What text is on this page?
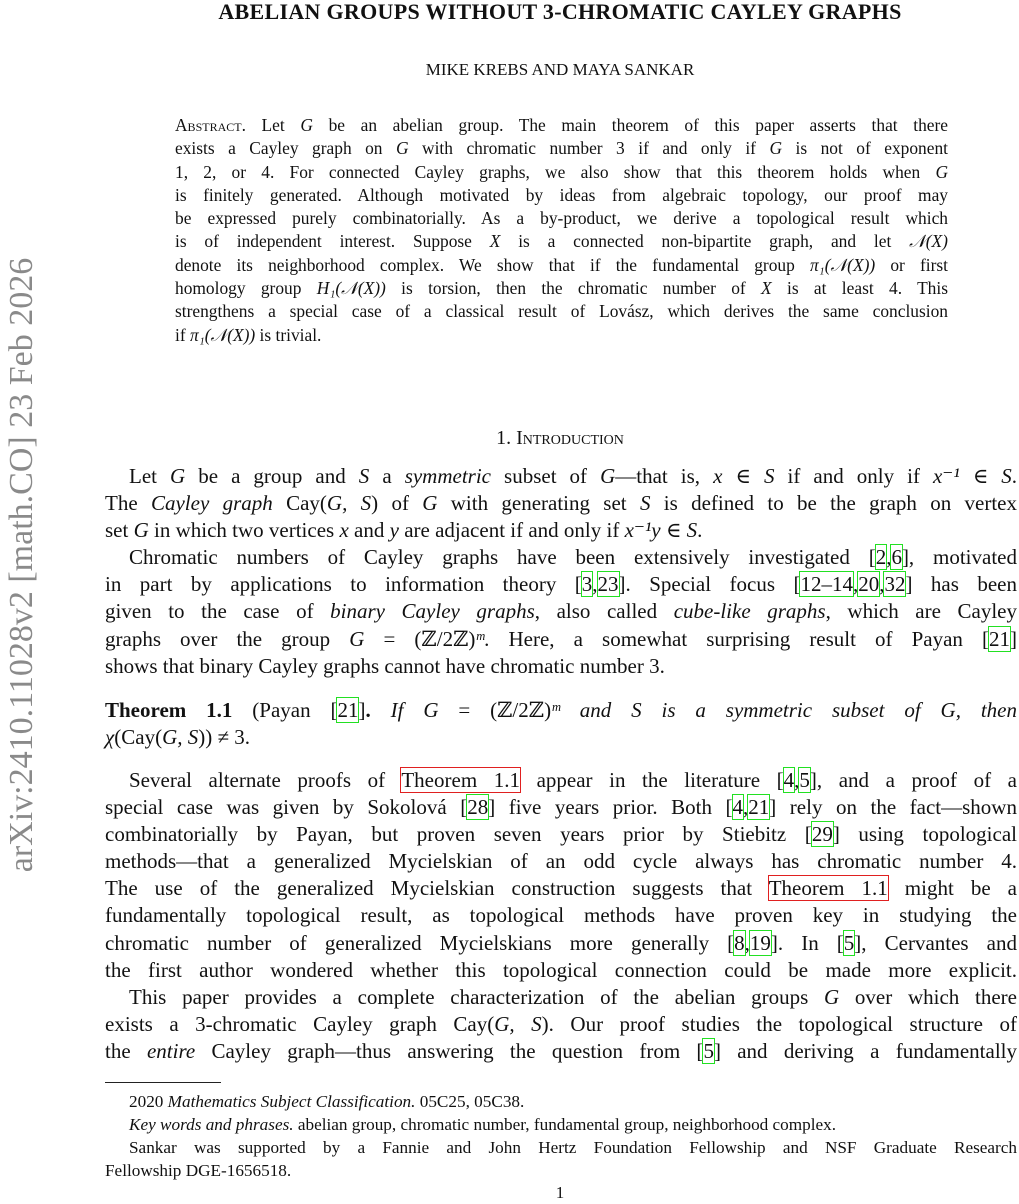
arXiv:2410.11028v2 [math.CO] 23 Feb 2026
ABELIAN GROUPS WITHOUT 3-CHROMATIC CAYLEY GRAPHS
MIKE KREBS AND MAYA SANKAR
Abstract. Let G be an abelian group. The main theorem of this paper asserts that there
exists a Cayley graph on G with chromatic number 3 if and only if G is not of exponent
1, 2, or 4. For connected Cayley graphs, we also show that this theorem holds when G
is finitely generated. Although motivated by ideas from algebraic topology, our proof may
be expressed purely combinatorially. As a by-product, we derive a topological result which
is of independent interest. Suppose X is a connected non-bipartite graph, and let 𝒩(X)
denote its neighborhood complex. We show that if the fundamental group π₁(𝒩(X)) or first
homology group H₁(𝒩(X)) is torsion, then the chromatic number of X is at least 4. This
strengthens a special case of a classical result of Lovász, which derives the same conclusion
if π₁(𝒩(X)) is trivial.
1. Introduction
Let G be a group and S a symmetric subset of G—that is, x ∈ S if and only if x⁻¹ ∈ S.
The Cayley graph Cay(G, S) of G with generating set S is defined to be the graph on vertex
set G in which two vertices x and y are adjacent if and only if x⁻¹y ∈ S.
Chromatic numbers of Cayley graphs have been extensively investigated [2,6], motivated
in part by applications to information theory [3,23]. Special focus [12–14,20,32] has been
given to the case of binary Cayley graphs, also called cube-like graphs, which are Cayley
graphs over the group G = (ℤ/2ℤ)ᵐ. Here, a somewhat surprising result of Payan [21]
shows that binary Cayley graphs cannot have chromatic number 3.
Theorem 1.1 (Payan [21]. If G = (ℤ/2ℤ)ᵐ and S is a symmetric subset of G, then
χ(Cay(G, S)) ≠ 3.
Several alternate proofs of Theorem 1.1 appear in the literature [4,5], and a proof of a
special case was given by Sokolová [28] five years prior. Both [4,21] rely on the fact—shown
combinatorially by Payan, but proven seven years prior by Stiebitz [29] using topological
methods—that a generalized Mycielskian of an odd cycle always has chromatic number 4.
The use of the generalized Mycielskian construction suggests that Theorem 1.1 might be a
fundamentally topological result, as topological methods have proven key in studying the
chromatic number of generalized Mycielskians more generally [8,19]. In [5], Cervantes and
the first author wondered whether this topological connection could be made more explicit.
This paper provides a complete characterization of the abelian groups G over which there
exists a 3-chromatic Cayley graph Cay(G, S). Our proof studies the topological structure of
the entire Cayley graph—thus answering the question from [5] and deriving a fundamentally
2020 Mathematics Subject Classification. 05C25, 05C38.
Key words and phrases. abelian group, chromatic number, fundamental group, neighborhood complex.
Sankar was supported by a Fannie and John Hertz Foundation Fellowship and NSF Graduate Research
Fellowship DGE-1656518.
1
